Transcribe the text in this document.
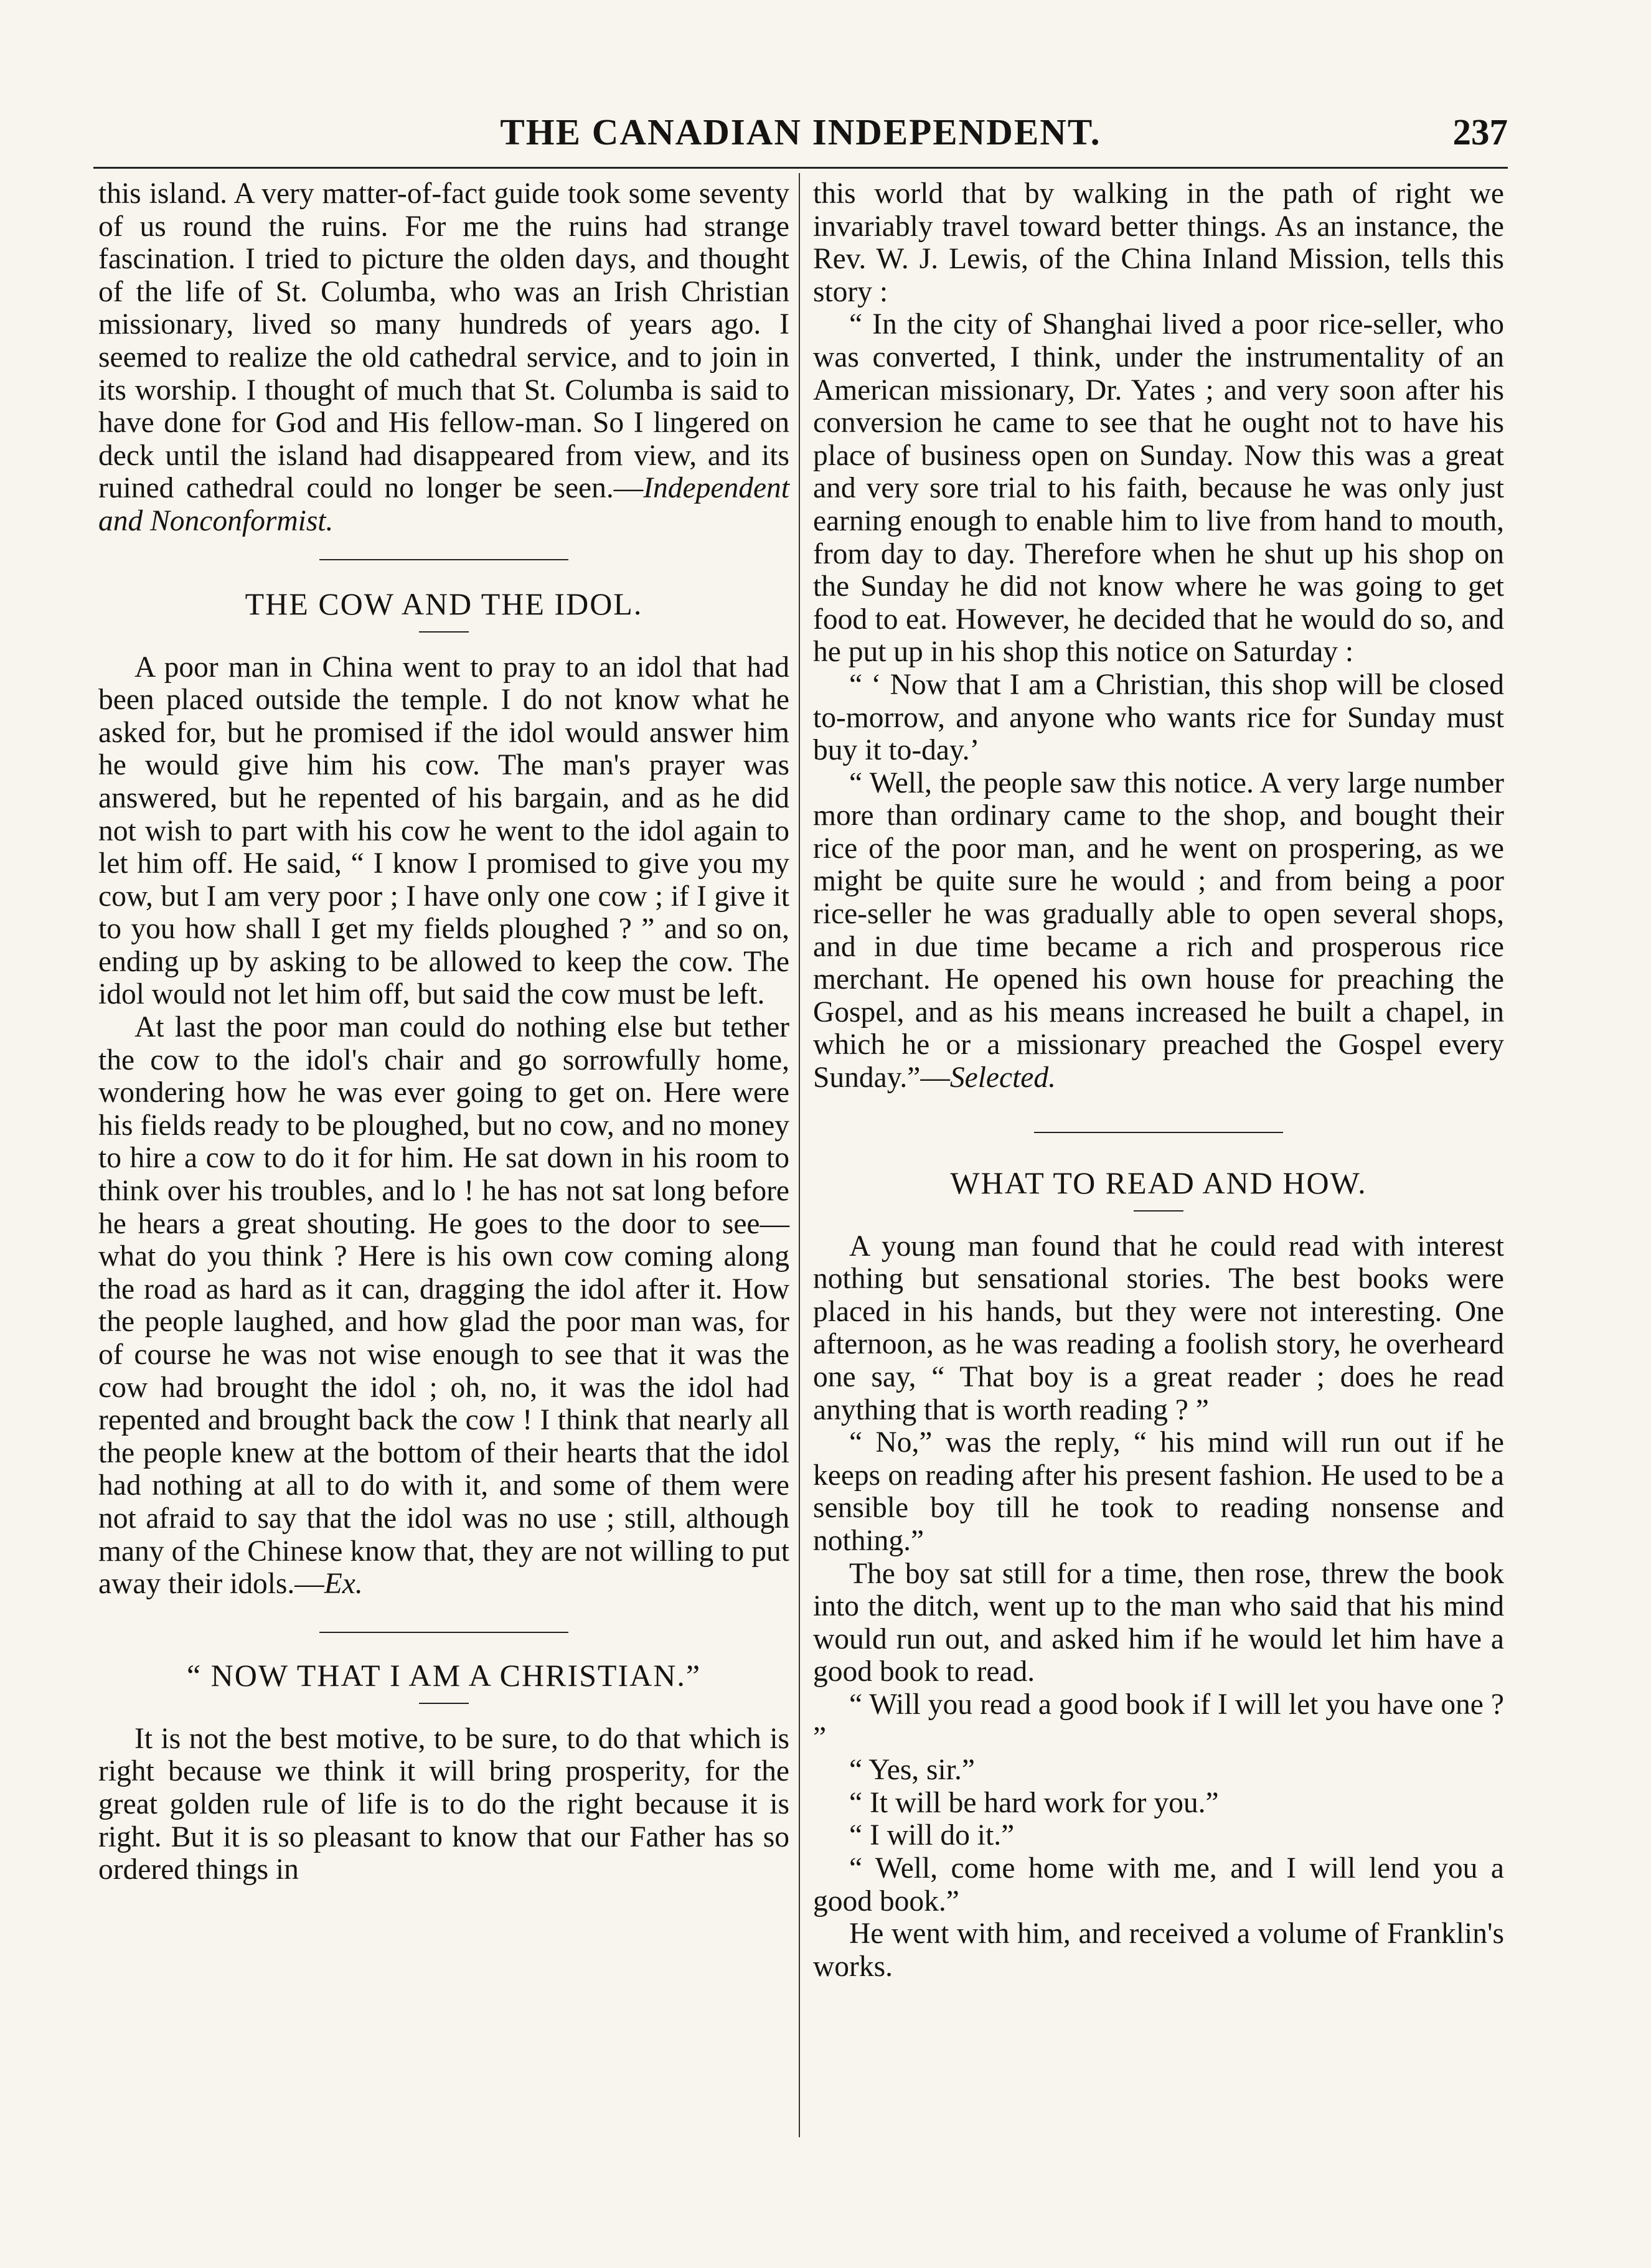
THE CANADIAN INDEPENDENT.	237

this island. A very matter-of-fact guide took some seventy of us round the ruins. For me the ruins had strange fascination. I tried to picture the olden days, and thought of the life of St. Columba, who was an Irish Christian missionary, lived so many hundreds of years ago. I seemed to realize the old cathedral service, and to join in its worship. I thought of much that St. Columba is said to have done for God and His fellow-man. So I lingered on deck until the island had disappeared from view, and its ruined cathedral could no longer be seen.—Independent and Nonconformist.

THE COW AND THE IDOL.

A poor man in China went to pray to an idol that had been placed outside the temple. I do not know what he asked for, but he promised if the idol would answer him he would give him his cow. The man's prayer was answered, but he repented of his bargain, and as he did not wish to part with his cow he went to the idol again to let him off. He said, “ I know I promised to give you my cow, but I am very poor ; I have only one cow ; if I give it to you how shall I get my fields ploughed ? ” and so on, ending up by asking to be allowed to keep the cow. The idol would not let him off, but said the cow must be left.

At last the poor man could do nothing else but tether the cow to the idol's chair and go sorrowfully home, wondering how he was ever going to get on. Here were his fields ready to be ploughed, but no cow, and no money to hire a cow to do it for him. He sat down in his room to think over his troubles, and lo ! he has not sat long before he hears a great shouting. He goes to the door to see—what do you think ? Here is his own cow coming along the road as hard as it can, dragging the idol after it. How the people laughed, and how glad the poor man was, for of course he was not wise enough to see that it was the cow had brought the idol ; oh, no, it was the idol had repented and brought back the cow ! I think that nearly all the people knew at the bottom of their hearts that the idol had nothing at all to do with it, and some of them were not afraid to say that the idol was no use ; still, although many of the Chinese know that, they are not willing to put away their idols.—Ex.

“ NOW THAT I AM A CHRISTIAN.”

It is not the best motive, to be sure, to do that which is right because we think it will bring prosperity, for the great golden rule of life is to do the right because it is right. But it is so pleasant to know that our Father has so ordered things in

this world that by walking in the path of right we invariably travel toward better things. As an instance, the Rev. W. J. Lewis, of the China Inland Mission, tells this story :

“ In the city of Shanghai lived a poor rice-seller, who was converted, I think, under the instrumentality of an American missionary, Dr. Yates ; and very soon after his conversion he came to see that he ought not to have his place of business open on Sunday. Now this was a great and very sore trial to his faith, because he was only just earning enough to enable him to live from hand to mouth, from day to day. Therefore when he shut up his shop on the Sunday he did not know where he was going to get food to eat. However, he decided that he would do so, and he put up in his shop this notice on Saturday :

“ ‘ Now that I am a Christian, this shop will be closed to-morrow, and anyone who wants rice for Sunday must buy it to-day.’

“ Well, the people saw this notice. A very large number more than ordinary came to the shop, and bought their rice of the poor man, and he went on prospering, as we might be quite sure he would ; and from being a poor rice-seller he was gradually able to open several shops, and in due time became a rich and prosperous rice merchant. He opened his own house for preaching the Gospel, and as his means increased he built a chapel, in which he or a missionary preached the Gospel every Sunday.”—Selected.

WHAT TO READ AND HOW.

A young man found that he could read with interest nothing but sensational stories. The best books were placed in his hands, but they were not interesting. One afternoon, as he was reading a foolish story, he overheard one say, “ That boy is a great reader ; does he read anything that is worth reading ? ”

“ No,” was the reply, “ his mind will run out if he keeps on reading after his present fashion. He used to be a sensible boy till he took to reading nonsense and nothing.”

The boy sat still for a time, then rose, threw the book into the ditch, went up to the man who said that his mind would run out, and asked him if he would let him have a good book to read.

“ Will you read a good book if I will let you have one ? ”

“ Yes, sir.”

“ It will be hard work for you.”

“ I will do it.”

“ Well, come home with me, and I will lend you a good book.”

He went with him, and received a volume of Franklin's works.
